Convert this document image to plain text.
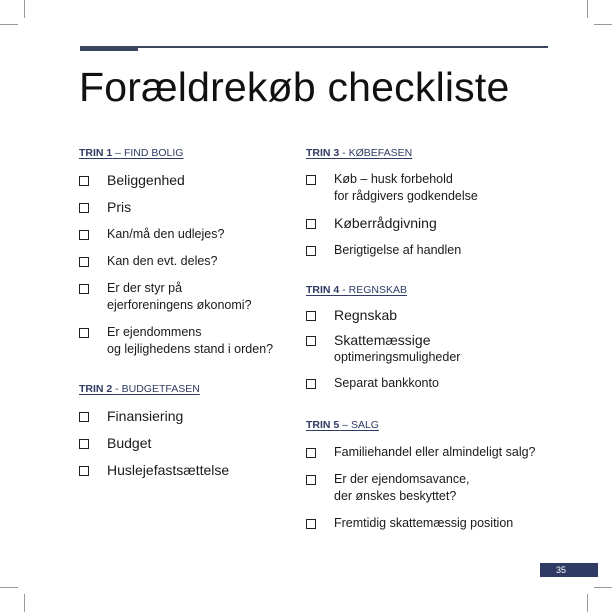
Forældrekøb checkliste
TRIN 1 – FIND BOLIG
Beliggenhed
Pris
Kan/må den udlejes?
Kan den evt. deles?
Er der styr på
ejerforeningens økonomi?
Er ejendommens
og lejlighedens stand i orden?
TRIN 2 - BUDGETFASEN
Finansiering
Budget
Huslejefastsættelse
TRIN 3 - KØBEFASEN
Køb – husk forbehold
for rådgivers godkendelse
Køberrådgivning
Berigtigelse af handlen
TRIN 4 - REGNSKAB
Regnskab
Skattemæssige
optimeringsmuligheder
Separat bankkonto
TRIN 5 – SALG
Familiehandel eller almindeligt salg?
Er der ejendomsavance,
der ønskes beskyttet?
Fremtidig skattemæssig position
35
